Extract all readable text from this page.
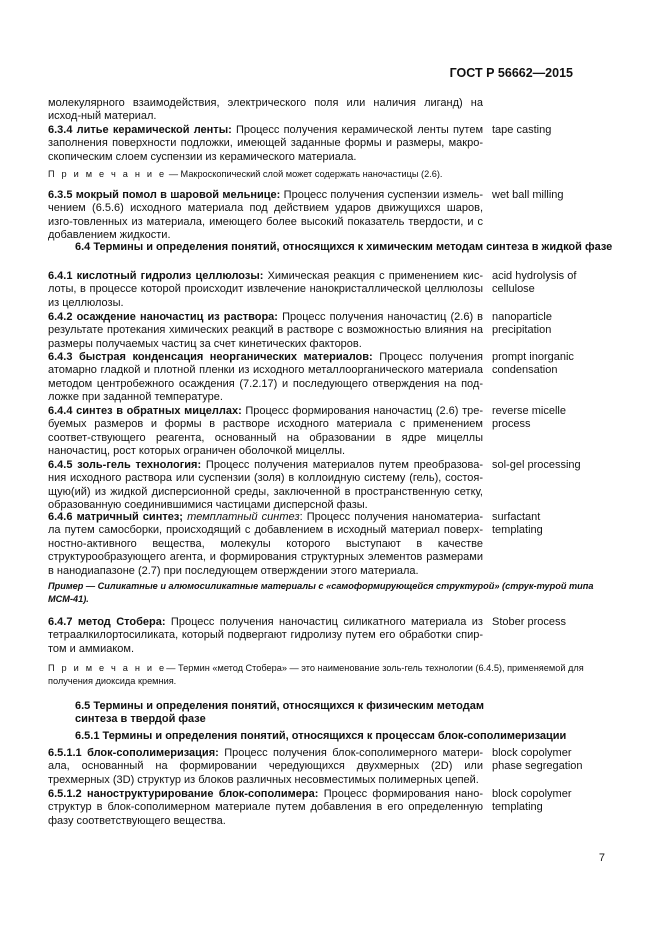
ГОСТ Р 56662—2015
молекулярного взаимодействия, электрического поля или наличия лиганд) на исход-ный материал.
6.3.4 литье керамической ленты: Процесс получения керамической ленты путем заполнения поверхности подложки, имеющей заданные формы и размеры, макро-скопическим слоем суспензии из керамического материала.
tape casting
П р и м е ч а н и е — Макроскопический слой может содержать наночастицы (2.6).
6.3.5 мокрый помол в шаровой мельнице: Процесс получения суспензии измель-чением (6.5.6) исходного материала под действием ударов движущихся шаров, изго-товленных из материала, имеющего более высокий показатель твердости, и с добавлением жидкости.
wet ball milling
6.4 Термины и определения понятий, относящихся к химическим методам синтеза в жидкой фазе
6.4.1 кислотный гидролиз целлюлозы: Химическая реакция с применением кис-лоты, в процессе которой происходит извлечение нанокристаллической целлюлозы из целлюлозы.
acid hydrolysis of cellulose
6.4.2 осаждение наночастиц из раствора: Процесс получения наночастиц (2.6) в результате протекания химических реакций в растворе с возможностью влияния на размеры получаемых частиц за счет кинетических факторов.
nanoparticle precipitation
6.4.3 быстрая конденсация неорганических материалов: Процесс получения атомарно гладкой и плотной пленки из исходного металлоорганического материала методом центробежного осаждения (7.2.17) и последующего отверждения на под-ложке при заданной температуре.
prompt inorganic condensation
6.4.4 синтез в обратных мицеллах: Процесс формирования наночастиц (2.6) тре-буемых размеров и формы в растворе исходного материала с применением соответ-ствующего реагента, основанный на образовании в ядре мицеллы наночастиц, рост которых ограничен оболочкой мицеллы.
reverse micelle process
6.4.5 золь-гель технология: Процесс получения материалов путем преобразова-ния исходного раствора или суспензии (золя) в коллоидную систему (гель), состоя-щую(ий) из жидкой дисперсионной среды, заключенной в пространственную сетку, образованную соединившимися частицами дисперсной фазы.
sol-gel processing
6.4.6 матричный синтез; темплатный синтез: Процесс получения наноматериа-ла путем самосборки, происходящий с добавлением в исходный материал поверх-ностно-активного вещества, молекулы которого выступают в качестве структурообразующего агента, и формирования структурных элементов размерами в нанодиапазоне (2.7) при последующем отверждении этого материала.
surfactant templating
Пример — Силикатные и алюмосиликатные материалы с «самоформирующейся структурой» (струк-турой типа MCM-41).
6.4.7 метод Стобера: Процесс получения наночастиц силикатного материала из тетраалкилортосиликата, который подвергают гидролизу путем его обработки спир-том и аммиаком.
Stober process
П р и м е ч а н и е— Термин «метод Стобера» — это наименование золь-гель технологии (6.4.5), применяемой для получения диоксида кремния.
6.5 Термины и определения понятий, относящихся к физическим методам синтеза в твердой фазе
6.5.1 Термины и определения понятий, относящихся к процессам блок-сополимеризации
6.5.1.1 блок-сополимеризация: Процесс получения блок-сополимерного матери-ала, основанный на формировании чередующихся двухмерных (2D) или трехмерных (3D) структур из блоков различных несовместимых полимерных цепей.
block copolymer phase segregation
6.5.1.2 наноструктурирование блок-сополимера: Процесс формирования нано-структур в блок-сополимерном материале путем добавления в его определенную фазу соответствующего вещества.
block copolymer templating
7
